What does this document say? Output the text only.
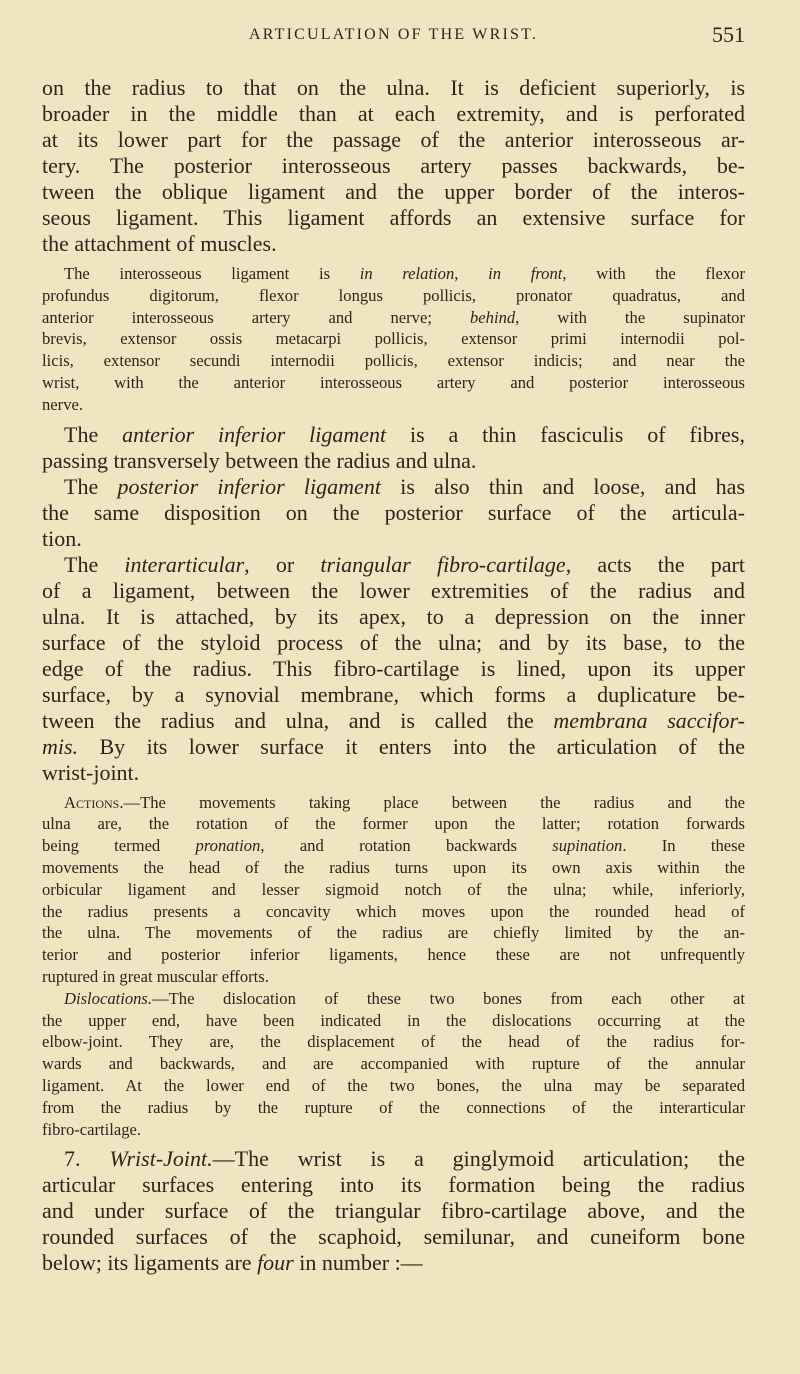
ARTICULATION OF THE WRIST.	551
on the radius to that on the ulna. It is deficient superiorly, is
broader in the middle than at each extremity, and is perforated
at its lower part for the passage of the anterior interosseous ar-
tery. The posterior interosseous artery passes backwards, be-
tween the oblique ligament and the upper border of the interos-
seous ligament. This ligament affords an extensive surface for
the attachment of muscles.
The interosseous ligament is in relation, in front, with the flexor
profundus digitorum, flexor longus pollicis, pronator quadratus, and
anterior interosseous artery and nerve; behind, with the supinator
brevis, extensor ossis metacarpi pollicis, extensor primi internodii pol-
licis, extensor secundi internodii pollicis, extensor indicis; and near the
wrist, with the anterior interosseous artery and posterior interosseous
nerve.
The anterior inferior ligament is a thin fasciculis of fibres,
passing transversely between the radius and ulna.
The posterior inferior ligament is also thin and loose, and has
the same disposition on the posterior surface of the articula-
tion.
The interarticular, or triangular fibro-cartilage, acts the part
of a ligament, between the lower extremities of the radius and
ulna. It is attached, by its apex, to a depression on the inner
surface of the styloid process of the ulna; and by its base, to the
edge of the radius. This fibro-cartilage is lined, upon its upper
surface, by a synovial membrane, which forms a duplicature be-
tween the radius and ulna, and is called the membrana saccifor-
mis. By its lower surface it enters into the articulation of the
wrist-joint.
Actions.—The movements taking place between the radius and the
ulna are, the rotation of the former upon the latter; rotation forwards
being termed pronation, and rotation backwards supination. In these
movements the head of the radius turns upon its own axis within the
orbicular ligament and lesser sigmoid notch of the ulna; while, inferiorly,
the radius presents a concavity which moves upon the rounded head of
the ulna. The movements of the radius are chiefly limited by the an-
terior and posterior inferior ligaments, hence these are not unfrequently
ruptured in great muscular efforts.
Dislocations.—The dislocation of these two bones from each other at
the upper end, have been indicated in the dislocations occurring at the
elbow-joint. They are, the displacement of the head of the radius for-
wards and backwards, and are accompanied with rupture of the annular
ligament. At the lower end of the two bones, the ulna may be separated
from the radius by the rupture of the connections of the interarticular
fibro-cartilage.
7. Wrist-Joint.—The wrist is a ginglymoid articulation; the
articular surfaces entering into its formation being the radius
and under surface of the triangular fibro-cartilage above, and the
rounded surfaces of the scaphoid, semilunar, and cuneiform bone
below; its ligaments are four in number :—
